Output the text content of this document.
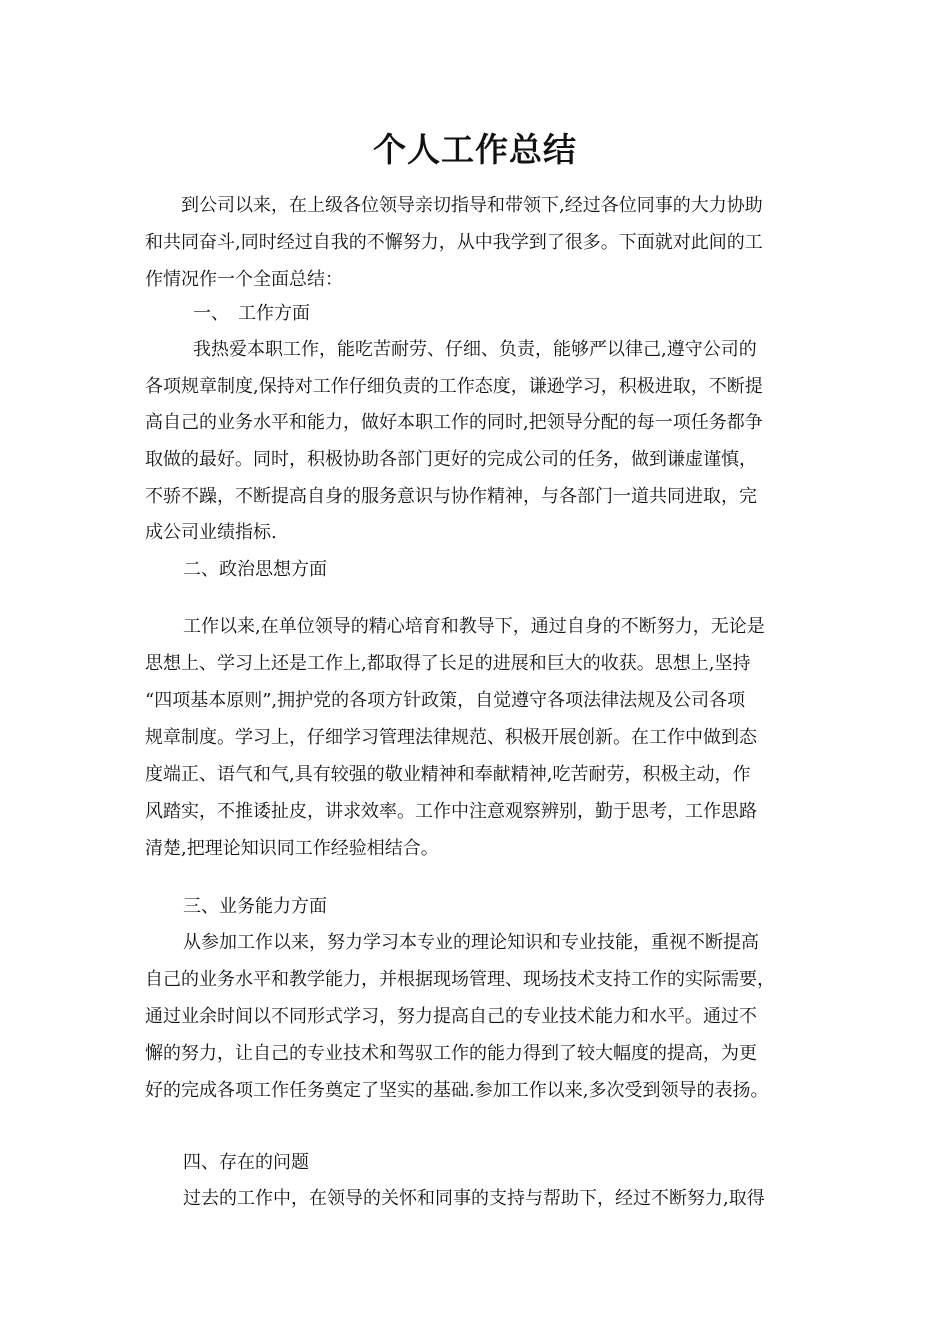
个人工作总结
到公司以来，在上级各位领导亲切指导和带领下,经过各位同事的大力协助
和共同奋斗,同时经过自我的不懈努力，从中我学到了很多。下面就对此间的工
作情况作一个全面总结：
一、　工作方面
我热爱本职工作，能吃苦耐劳、仔细、负责，能够严以律己,遵守公司的
各项规章制度,保持对工作仔细负责的工作态度，谦逊学习，积极进取，不断提
高自己的业务水平和能力，做好本职工作的同时,把领导分配的每一项任务都争
取做的最好。同时，积极协助各部门更好的完成公司的任务，做到谦虚谨慎，
不骄不躁，不断提高自身的服务意识与协作精神，与各部门一道共同进取，完
成公司业绩指标.
二、政治思想方面
工作以来,在单位领导的精心培育和教导下，通过自身的不断努力，无论是
思想上、学习上还是工作上,都取得了长足的进展和巨大的收获。思想上,坚持
“四项基本原则”,拥护党的各项方针政策，自觉遵守各项法律法规及公司各项
规章制度。学习上，仔细学习管理法律规范、积极开展创新。在工作中做到态
度端正、语气和气,具有较强的敬业精神和奉献精神,吃苦耐劳，积极主动，作
风踏实，不推诿扯皮，讲求效率。工作中注意观察辨别，勤于思考，工作思路
清楚,把理论知识同工作经验相结合。
三、业务能力方面
从参加工作以来，努力学习本专业的理论知识和专业技能，重视不断提高
自己的业务水平和教学能力，并根据现场管理、现场技术支持工作的实际需要，
通过业余时间以不同形式学习，努力提高自己的专业技术能力和水平。通过不
懈的努力，让自己的专业技术和驾驭工作的能力得到了较大幅度的提高，为更
好的完成各项工作任务奠定了坚实的基础.参加工作以来,多次受到领导的表扬。
四、存在的问题
过去的工作中，在领导的关怀和同事的支持与帮助下，经过不断努力,取得
